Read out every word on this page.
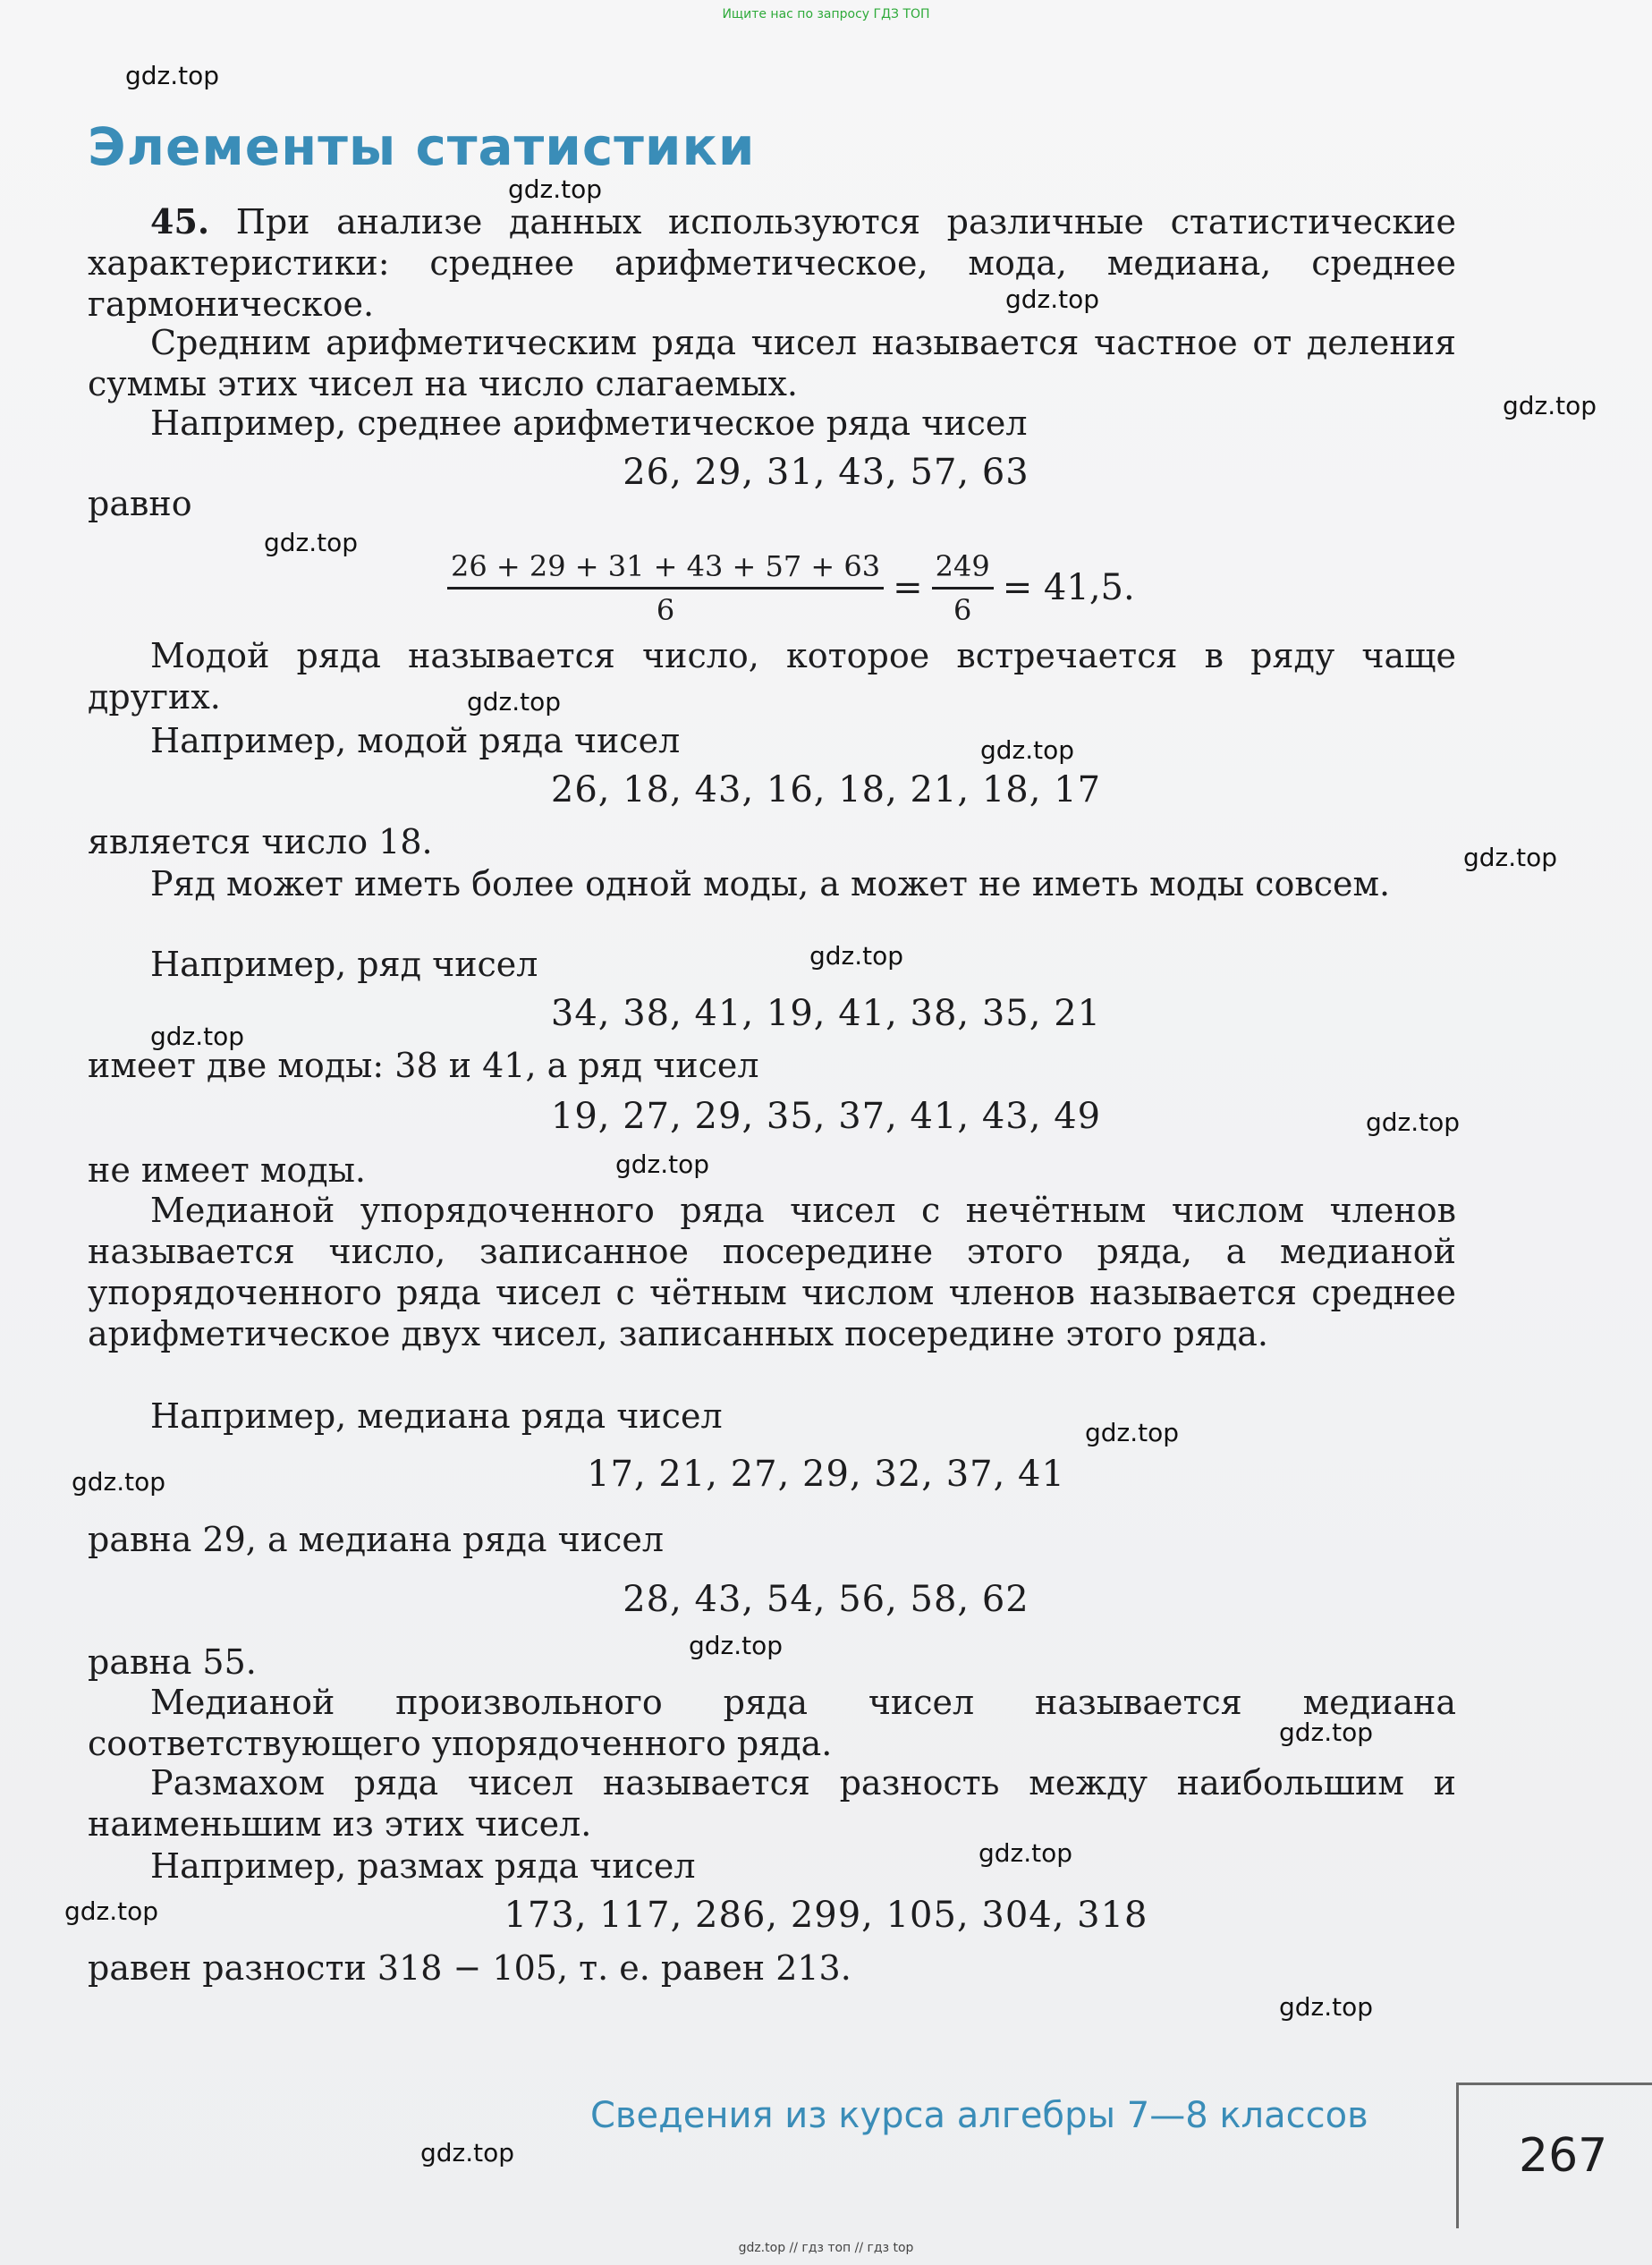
Ищите нас по запросу ГДЗ ТОП
Элементы статистики

45. При анализе данных используются различные статистические характеристики: среднее арифметическое, мода, медиана, среднее гармоническое.

Средним арифметическим ряда чисел называется частное от деления суммы этих чисел на число слагаемых.

Например, среднее арифметическое ряда чисел

26, 29, 31, 43, 57, 63

равно

$\frac{26 + 29 + 31 + 43 + 57 + 63}{6} = \frac{249}{6} = 41,5$.

Модой ряда называется число, которое встречается в ряду чаще других.

Например, модой ряда чисел

26, 18, 43, 16, 18, 21, 18, 17

является число 18.

Ряд может иметь более одной моды, а может не иметь моды совсем.

Например, ряд чисел

34, 38, 41, 19, 41, 38, 35, 21

имеет две моды: 38 и 41, а ряд чисел

19, 27, 29, 35, 37, 41, 43, 49

не имеет моды.

Медианой упорядоченного ряда чисел с нечётным числом членов называется число, записанное посередине этого ряда, а медианой упорядоченного ряда чисел с чётным числом членов называется среднее арифметическое двух чисел, записанных посередине этого ряда.

Например, медиана ряда чисел

17, 21, 27, 29, 32, 37, 41

равна 29, а медиана ряда чисел

28, 43, 54, 56, 58, 62

равна 55.

Медианой произвольного ряда чисел называется медиана соответствующего упорядоченного ряда.

Размахом ряда чисел называется разность между наибольшим и наименьшим из этих чисел.

Например, размах ряда чисел

173, 117, 286, 299, 105, 304, 318

равен разности 318 − 105, т. е. равен 213.

gdz.top
gdz.top
gdz.top
gdz.top
gdz.top
gdz.top
gdz.top
gdz.top
gdz.top
gdz.top
gdz.top
gdz.top
gdz.top
gdz.top
gdz.top
gdz.top
gdz.top
gdz.top
gdz.top
gdz.top
Сведения из курса алгебры 7—8 классов
267
gdz.top // гдз топ // гдз top
